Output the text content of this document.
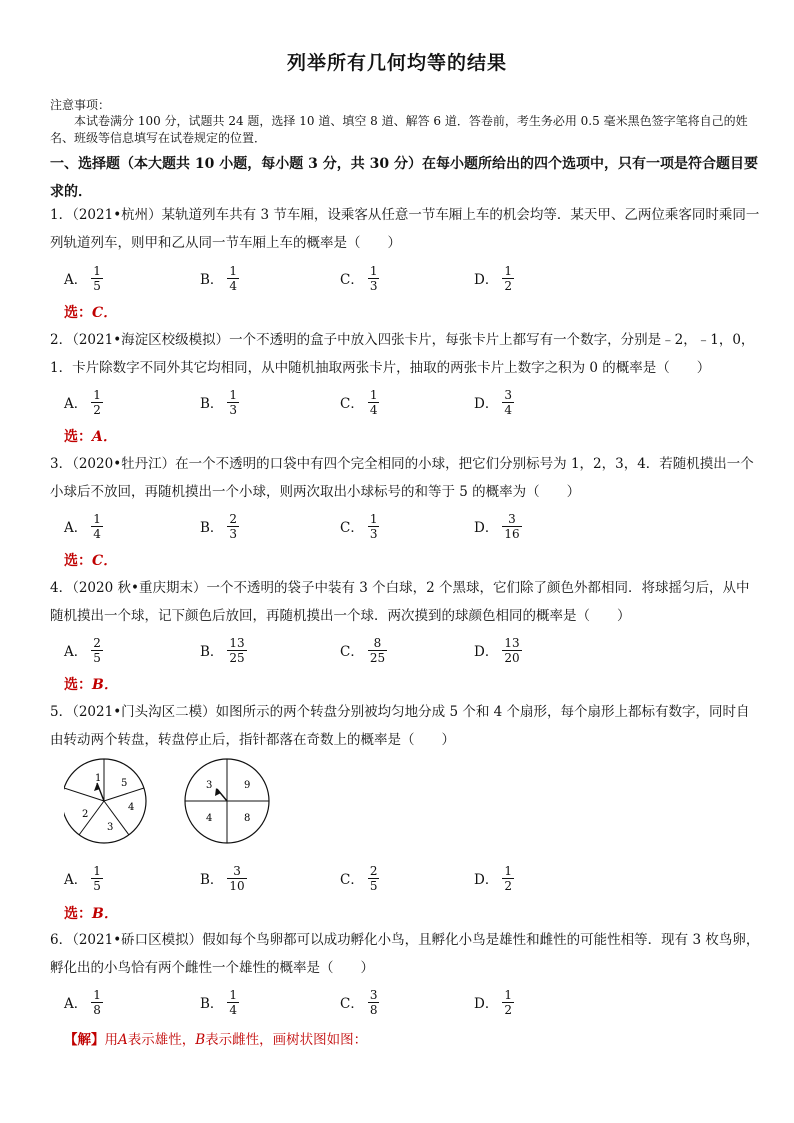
列举所有几何均等的结果
注意事项：
本试卷满分 100 分，试题共 24 题，选择 10 道、填空 8 道、解答 6 道．答卷前，考生务必用 0.5 毫米黑色签字笔将自己的姓名、班级等信息填写在试卷规定的位置．
一、选择题（本大题共 10 小题，每小题 3 分，共 30 分）在每小题所给出的四个选项中，只有一项是符合题目要求的．
1．（2021•杭州）某轨道列车共有 3 节车厢，设乘客从任意一节车厢上车的机会均等．某天甲、乙两位乘客同时乘同一列轨道列车，则甲和乙从同一节车厢上车的概率是（　　）
A． $\frac{1}{5}$	B． $\frac{1}{4}$	C． $\frac{1}{3}$	D． $\frac{1}{2}$
选：C．
2．（2021•海淀区校级模拟）一个不透明的盒子中放入四张卡片，每张卡片上都写有一个数字，分别是﹣2，﹣1，0，1．卡片除数字不同外其它均相同，从中随机抽取两张卡片，抽取的两张卡片上数字之积为 0 的概率是（　　）
A． $\frac{1}{2}$	B． $\frac{1}{3}$	C． $\frac{1}{4}$	D． $\frac{3}{4}$
选：A．
3．（2020•牡丹江）在一个不透明的口袋中有四个完全相同的小球，把它们分别标号为 1，2，3，4．若随机摸出一个小球后不放回，再随机摸出一个小球，则两次取出小球标号的和等于 5 的概率为（　　）
A． $\frac{1}{4}$	B． $\frac{2}{3}$	C． $\frac{1}{3}$	D． $\frac{3}{16}$
选：C．
4．（2020 秋•重庆期末）一个不透明的袋子中装有 3 个白球，2 个黑球，它们除了颜色外都相同．将球摇匀后，从中随机摸出一个球，记下颜色后放回，再随机摸出一个球．两次摸到的球颜色相同的概率是（　　）
A． $\frac{2}{5}$	B． $\frac{13}{25}$	C． $\frac{8}{25}$	D． $\frac{13}{20}$
选：B．
5．（2021•门头沟区二模）如图所示的两个转盘分别被均匀地分成 5 个和 4 个扇形，每个扇形上都标有数字，同时自由转动两个转盘，转盘停止后，指针都落在奇数上的概率是（　　）
1 5
4
3
2
3	9
4	8
A． $\frac{1}{5}$	B． $\frac{3}{10}$	C． $\frac{2}{5}$	D． $\frac{1}{2}$
选：B．
6．（2021•硚口区模拟）假如每个鸟卵都可以成功孵化小鸟，且孵化小鸟是雄性和雌性的可能性相等．现有 3 枚鸟卵，孵化出的小鸟恰有两个雌性一个雄性的概率是（　　）
A． $\frac{1}{8}$	B． $\frac{1}{4}$	C． $\frac{3}{8}$	D． $\frac{1}{2}$
【解】用A表示雄性，B表示雌性，画树状图如图：
